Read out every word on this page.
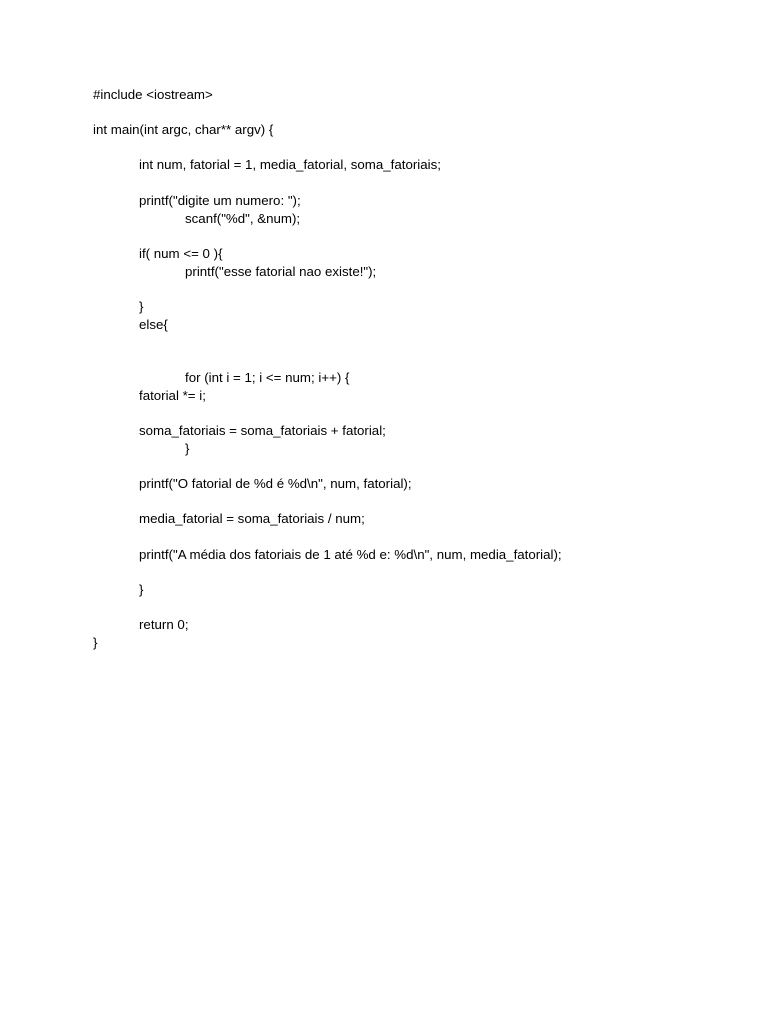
#include <iostream>
int main(int argc, char** argv) {
int num, fatorial = 1, media_fatorial, soma_fatoriais;
printf("digite um numero: ");
scanf("%d", &num);
if( num <= 0 ){
printf("esse fatorial nao existe!");
}
else{
for (int i = 1; i <= num; i++) {
fatorial *= i;
soma_fatoriais = soma_fatoriais + fatorial;
}
printf("O fatorial de %d é %d\n", num, fatorial);
media_fatorial = soma_fatoriais / num;
printf("A média dos fatoriais de 1 até %d e: %d\n", num, media_fatorial);
}
return 0;
}
